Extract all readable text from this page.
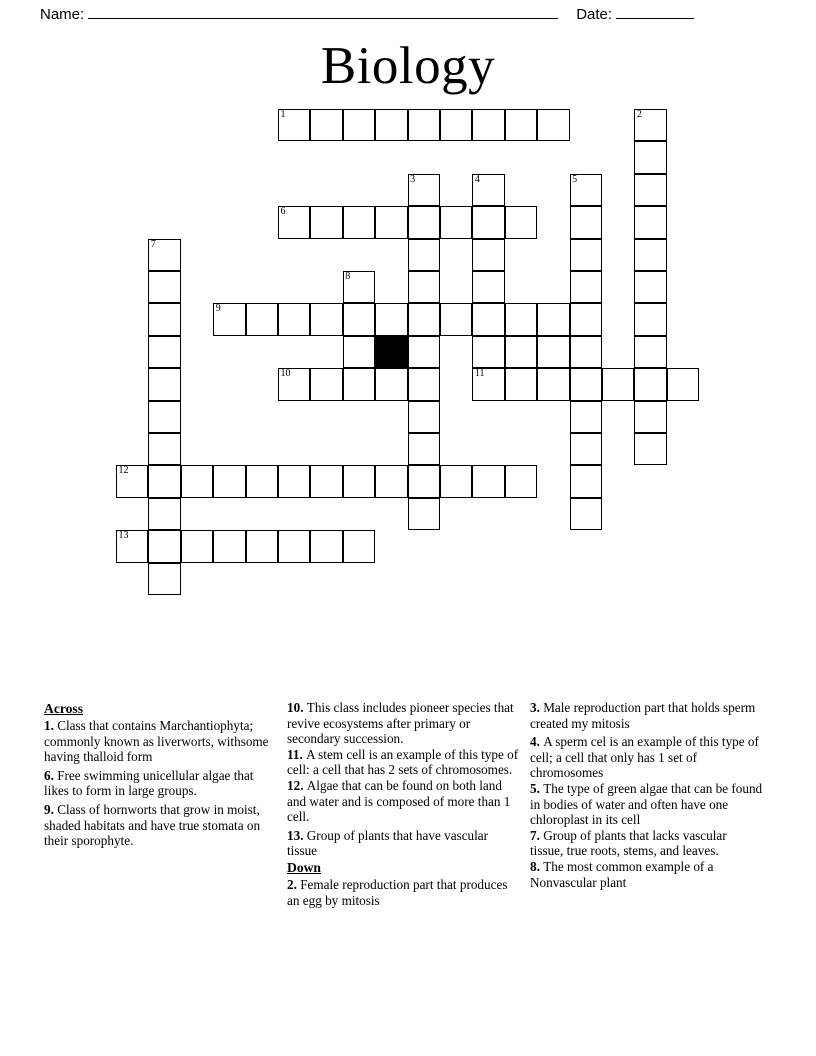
Name:	Date:
Biology
1	2
3	4	5
6
7
8
9
10	11
12
13
Across
1. Class that contains Marchantiophyta; commonly known as liverworts, withsome having thalloid form
6. Free swimming unicellular algae that likes to form in large groups.
9. Class of hornworts that grow in moist, shaded habitats and have true stomata on their sporophyte.
10. This class includes pioneer species that revive ecosystems after primary or secondary succession.
11. A stem cell is an example of this type of cell: a cell that has 2 sets of chromosomes.
12. Algae that can be found on both land and water and is composed of more than 1 cell.
13. Group of plants that have vascular tissue
Down
2. Female reproduction part that produces an egg by mitosis
3. Male reproduction part that holds sperm created my mitosis
4. A sperm cel is an example of this type of cell; a cell that only has 1 set of chromosomes
5. The type of green algae that can be found in bodies of water and often have one chloroplast in its cell
7. Group of plants that lacks vascular tissue, true roots, stems, and leaves.
8. The most common example of a Nonvascular plant
